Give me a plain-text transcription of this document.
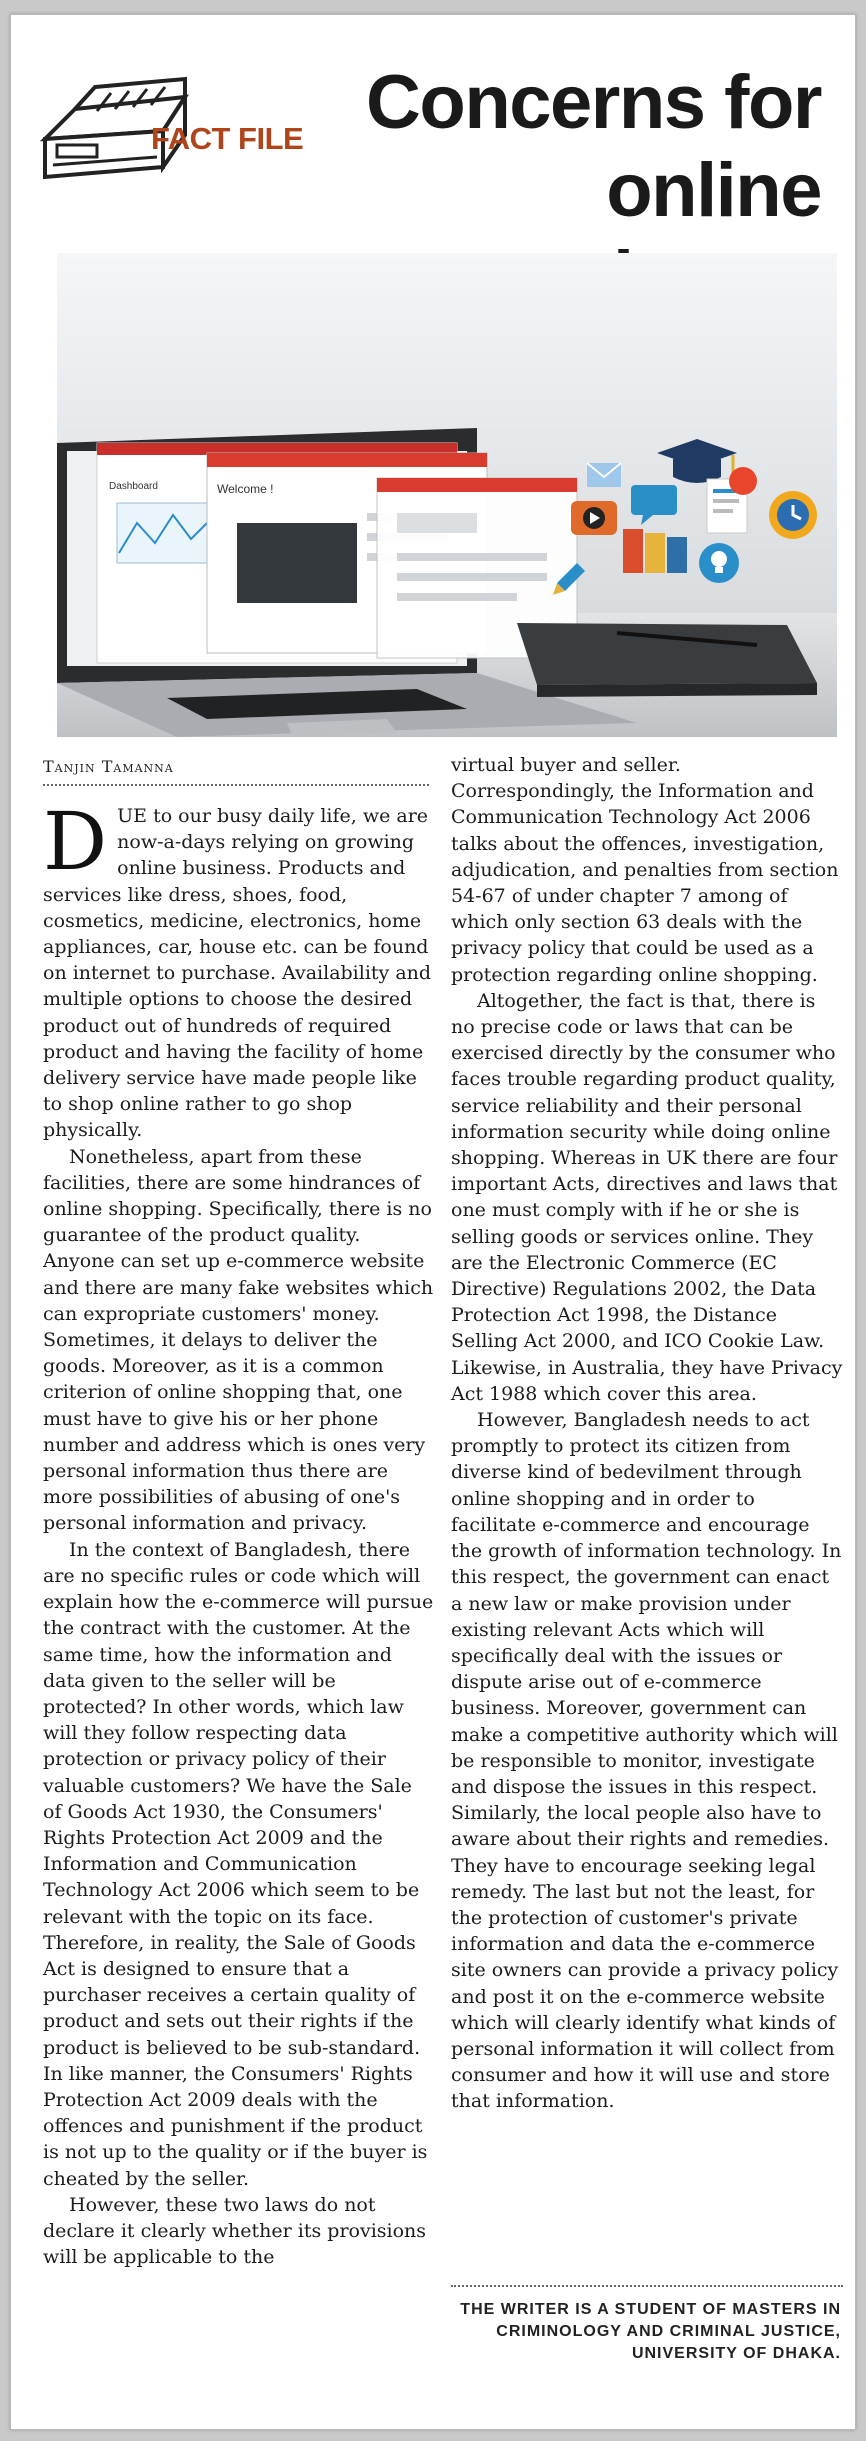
FACT FILE Concerns for online
Dashboard	Welcome !
Tanjin Tamanna

DUE to our busy daily life, we are now-a-days relying on growing online business. Products and services like dress, shoes, food, cosmetics, medicine, electronics, home appliances, car, house etc. can be found on internet to purchase. Availability and multiple options to choose the desired product out of hundreds of required product and having the facility of home delivery service have made people like to shop online rather to go shop physically.

Nonetheless, apart from these facilities, there are some hindrances of online shopping. Specifically, there is no guarantee of the product quality. Anyone can set up e-commerce website and there are many fake websites which can expropriate customers' money. Sometimes, it delays to deliver the goods. Moreover, as it is a common criterion of online shopping that, one must have to give his or her phone number and address which is ones very personal information thus there are more possibilities of abusing of one's personal information and privacy.

In the context of Bangladesh, there are no specific rules or code which will explain how the e-commerce will pursue the contract with the customer. At the same time, how the information and data given to the seller will be protected? In other words, which law will they follow respecting data protection or privacy policy of their valuable customers? We have the Sale of Goods Act 1930, the Consumers' Rights Protection Act 2009 and the Information and Communication Technology Act 2006 which seem to be relevant with the topic on its face. Therefore, in reality, the Sale of Goods Act is designed to ensure that a purchaser receives a certain quality of product and sets out their rights if the product is believed to be sub-standard. In like manner, the Consumers' Rights Protection Act 2009 deals with the offences and punishment if the product is not up to the quality or if the buyer is cheated by the seller.

However, these two laws do not declare it clearly whether its provisions will be applicable to the

virtual buyer and seller. Correspondingly, the Information and Communication Technology Act 2006 talks about the offences, investigation, adjudication, and penalties from section 54-67 of under chapter 7 among of which only section 63 deals with the privacy policy that could be used as a protection regarding online shopping.

Altogether, the fact is that, there is no precise code or laws that can be exercised directly by the consumer who faces trouble regarding product quality, service reliability and their personal information security while doing online shopping. Whereas in UK there are four important Acts, directives and laws that one must comply with if he or she is selling goods or services online. They are the Electronic Commerce (EC Directive) Regulations 2002, the Data Protection Act 1998, the Distance Selling Act 2000, and ICO Cookie Law. Likewise, in Australia, they have Privacy Act 1988 which cover this area.

However, Bangladesh needs to act promptly to protect its citizen from diverse kind of bedevilment through online shopping and in order to facilitate e-commerce and encourage the growth of information technology. In this respect, the government can enact a new law or make provision under existing relevant Acts which will specifically deal with the issues or dispute arise out of e-commerce business. Moreover, government can make a competitive authority which will be responsible to monitor, investigate and dispose the issues in this respect. Similarly, the local people also have to aware about their rights and remedies. They have to encourage seeking legal remedy. The last but not the least, for the protection of customer's private information and data the e-commerce site owners can provide a privacy policy and post it on the e-commerce website which will clearly identify what kinds of personal information it will collect from consumer and how it will use and store that information.

THE WRITER IS A STUDENT OF MASTERS IN CRIMINOLOGY AND CRIMINAL JUSTICE, UNIVERSITY OF DHAKA.
